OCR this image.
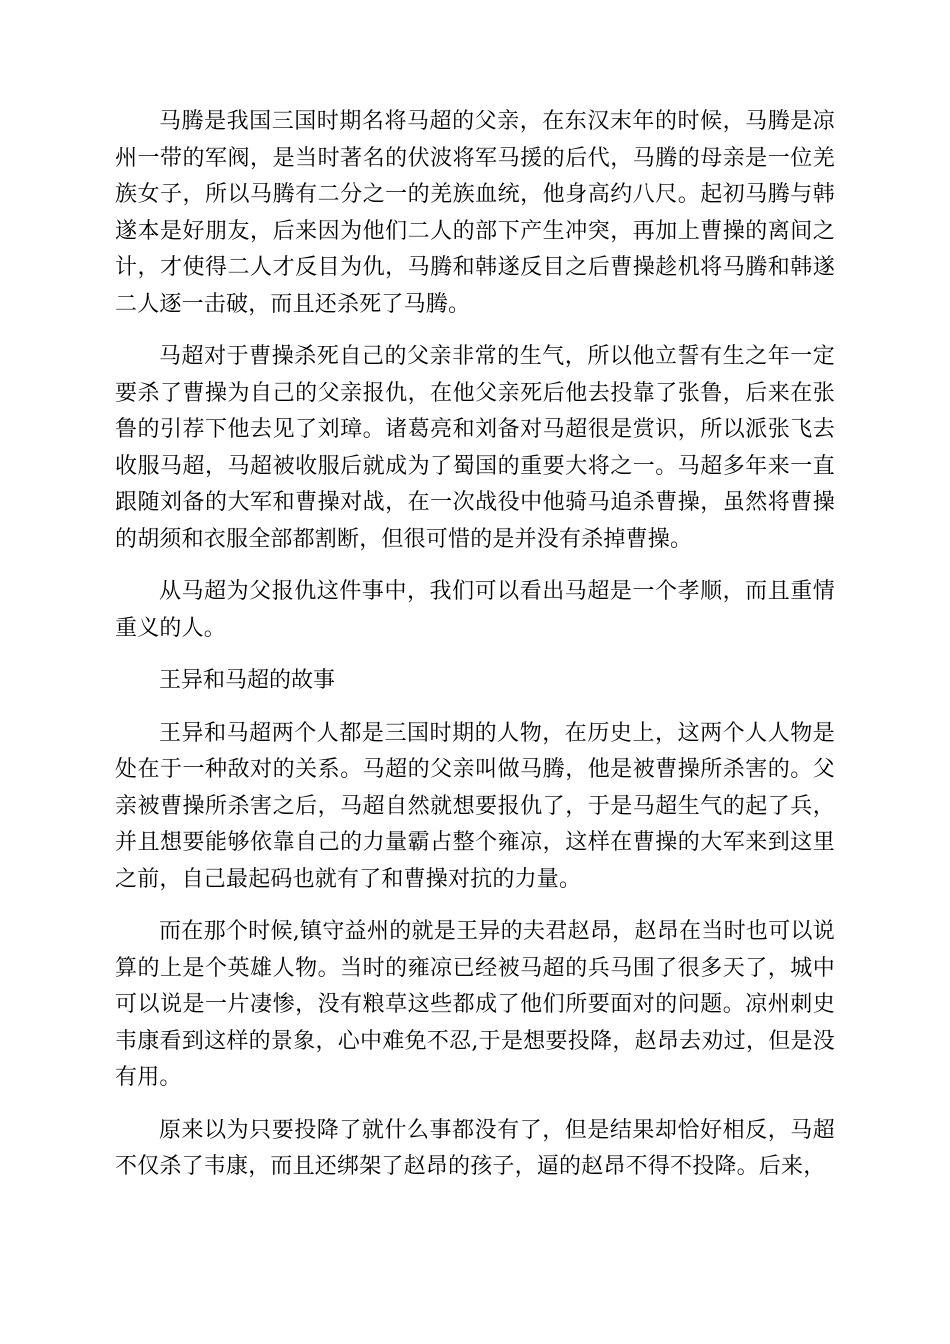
马腾是我国三国时期名将马超的父亲，在东汉末年的时候，马腾是凉州一带的军阀，是当时著名的伏波将军马援的后代，马腾的母亲是一位羌族女子，所以马腾有二分之一的羌族血统，他身高约八尺。起初马腾与韩遂本是好朋友，后来因为他们二人的部下产生冲突，再加上曹操的离间之计，才使得二人才反目为仇，马腾和韩遂反目之后曹操趁机将马腾和韩遂二人逐一击破，而且还杀死了马腾。

马超对于曹操杀死自己的父亲非常的生气，所以他立誓有生之年一定要杀了曹操为自己的父亲报仇，在他父亲死后他去投靠了张鲁，后来在张鲁的引荐下他去见了刘璋。诸葛亮和刘备对马超很是赏识，所以派张飞去收服马超，马超被收服后就成为了蜀国的重要大将之一。马超多年来一直跟随刘备的大军和曹操对战，在一次战役中他骑马追杀曹操，虽然将曹操的胡须和衣服全部都割断，但很可惜的是并没有杀掉曹操。

从马超为父报仇这件事中，我们可以看出马超是一个孝顺，而且重情重义的人。

王异和马超的故事

王异和马超两个人都是三国时期的人物，在历史上，这两个人人物是处在于一种敌对的关系。马超的父亲叫做马腾，他是被曹操所杀害的。父亲被曹操所杀害之后，马超自然就想要报仇了，于是马超生气的起了兵，并且想要能够依靠自己的力量霸占整个雍凉，这样在曹操的大军来到这里之前，自己最起码也就有了和曹操对抗的力量。

而在那个时候,镇守益州的就是王异的夫君赵昂，赵昂在当时也可以说算的上是个英雄人物。当时的雍凉已经被马超的兵马围了很多天了，城中可以说是一片凄惨，没有粮草这些都成了他们所要面对的问题。凉州刺史韦康看到这样的景象，心中难免不忍,于是想要投降，赵昂去劝过，但是没有用。

原来以为只要投降了就什么事都没有了，但是结果却恰好相反，马超不仅杀了韦康，而且还绑架了赵昂的孩子，逼的赵昂不得不投降。后来，
